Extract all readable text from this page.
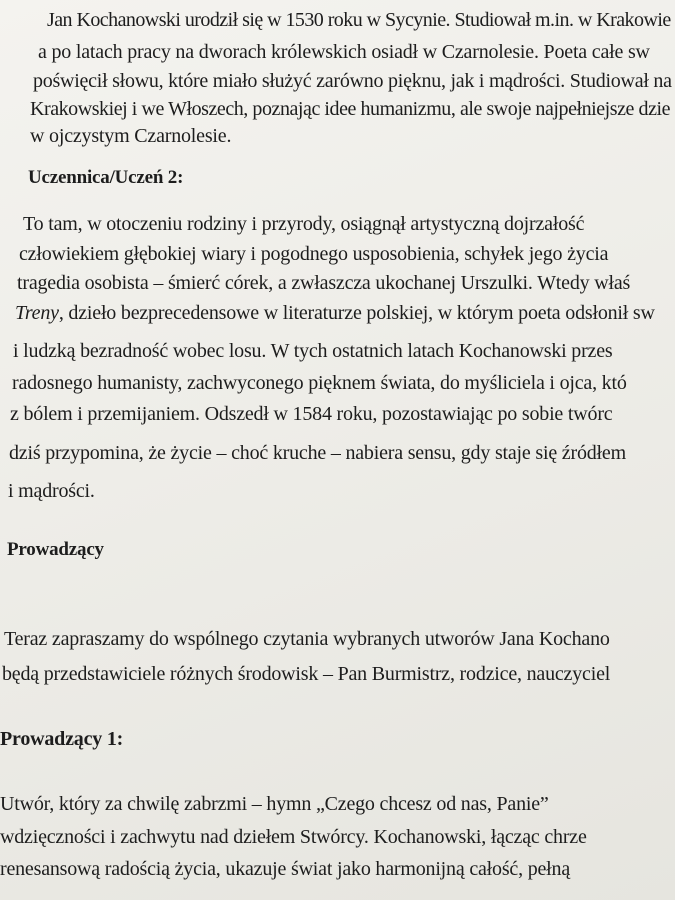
Jan Kochanowski urodził się w 1530 roku w Sycynie. Studiował m.in. w Krakowie
a po latach pracy na dworach królewskich osiadł w Czarnolesie. Poeta całe sw
poświęcił słowu, które miało służyć zarówno pięknu, jak i mądrości. Studiował na
Krakowskiej i we Włoszech, poznając idee humanizmu, ale swoje najpełniejsze dzie
w ojczystym Czarnolesie.
Uczennica/Uczeń 2:
To tam, w otoczeniu rodziny i przyrody, osiągnął artystyczną dojrzałość
człowiekiem głębokiej wiary i pogodnego usposobienia, schyłek jego życia
tragedia osobista – śmierć córek, a zwłaszcza ukochanej Urszulki. Wtedy właś
Treny, dzieło bezprecedensowe w literaturze polskiej, w którym poeta odsłonił sw
i ludzką bezradność wobec losu. W tych ostatnich latach Kochanowski przes
radosnego humanisty, zachwyconego pięknem świata, do myśliciela i ojca, któ
z bólem i przemijaniem. Odszedł w 1584 roku, pozostawiając po sobie twórc
dziś przypomina, że życie – choć kruche – nabiera sensu, gdy staje się źródłem
i mądrości.
Prowadzący
Teraz zapraszamy do wspólnego czytania wybranych utworów Jana Kochano
będą przedstawiciele różnych środowisk – Pan Burmistrz, rodzice, nauczyciel
Prowadzący 1:
Utwór, który za chwilę zabrzmi – hymn „Czego chcesz od nas, Panie”
wdzięczności i zachwytu nad dziełem Stwórcy. Kochanowski, łącząc chrze
renesansową radością życia, ukazuje świat jako harmonijną całość, pełną
